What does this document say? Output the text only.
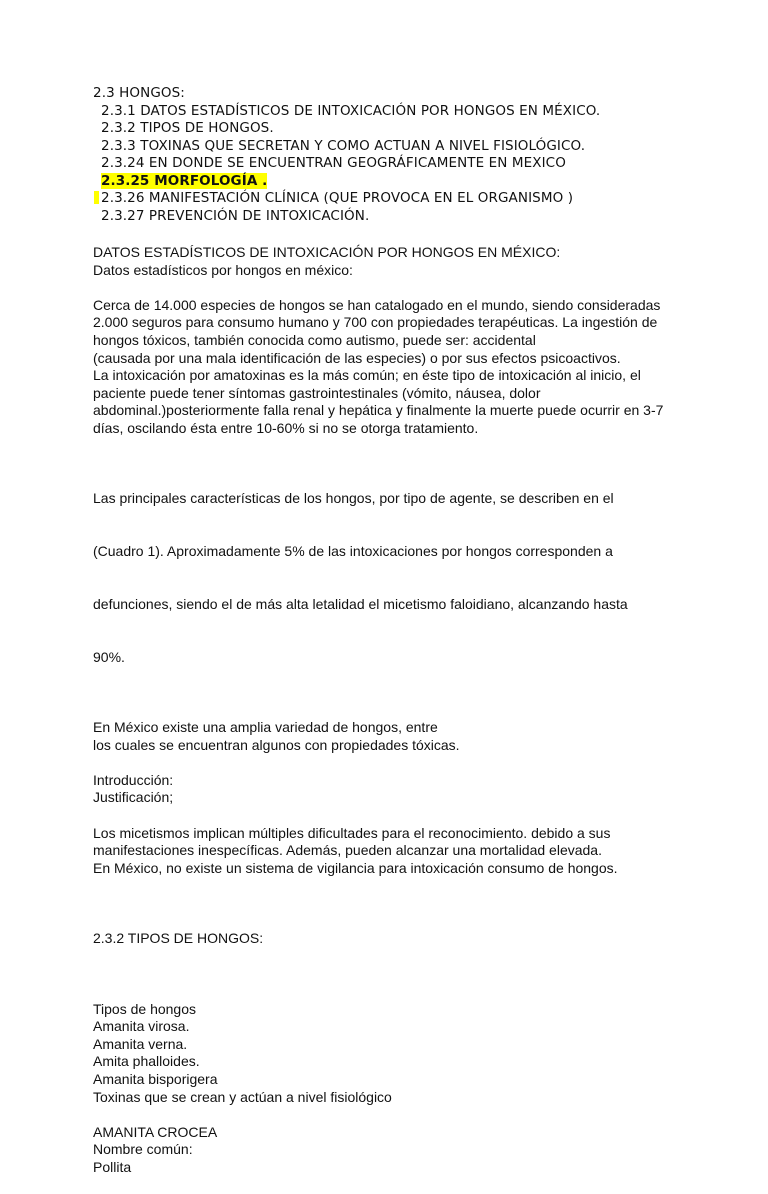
2.3 HONGOS:
2.3.1 DATOS ESTADÍSTICOS DE INTOXICACIÓN POR HONGOS EN MÉXICO.
2.3.2 TIPOS DE HONGOS.
2.3.3 TOXINAS QUE SECRETAN Y COMO ACTUAN A NIVEL FISIOLÓGICO.
2.3.24 EN DONDE SE ENCUENTRAN GEOGRÁFICAMENTE EN MEXICO
2.3.25 MORFOLOGÍA .
2.3.26 MANIFESTACIÓN CLÍNICA (QUE PROVOCA EN EL ORGANISMO )
2.3.27 PREVENCIÓN DE INTOXICACIÓN.

DATOS ESTADÍSTICOS DE INTOXICACIÓN POR HONGOS EN MÉXICO:
Datos estadísticos por hongos en méxico:

Cerca de 14.000 especies de hongos se han catalogado en el mundo, siendo consideradas
2.000 seguros para consumo humano y 700 con propiedades terapéuticas. La ingestión de
hongos tóxicos, también conocida como autismo, puede ser: accidental
(causada por una mala identificación de las especies) o por sus efectos psicoactivos.
La intoxicación por amatoxinas es la más común; en éste tipo de intoxicación al inicio, el
paciente puede tener síntomas gastrointestinales (vómito, náusea, dolor
abdominal.)posteriormente falla renal y hepática y finalmente la muerte puede ocurrir en 3-7
días, oscilando ésta entre 10-60% si no se otorga tratamiento.

Las principales características de los hongos, por tipo de agente, se describen en el

(Cuadro 1). Aproximadamente 5% de las intoxicaciones por hongos corresponden a

defunciones, siendo el de más alta letalidad el micetismo faloidiano, alcanzando hasta

90%.

En México existe una amplia variedad de hongos, entre
los cuales se encuentran algunos con propiedades tóxicas.

Introducción:
Justificación;

Los micetismos implican múltiples dificultades para el reconocimiento. debido a sus
manifestaciones inespecíficas. Además, pueden alcanzar una mortalidad elevada.
En México, no existe un sistema de vigilancia para intoxicación consumo de hongos.

2.3.2 TIPOS DE HONGOS:

Tipos de hongos
Amanita virosa.
Amanita verna.
Amita phalloides.
Amanita bisporigera
Toxinas que se crean y actúan a nivel fisiológico

AMANITA CROCEA
Nombre común:
Pollita
